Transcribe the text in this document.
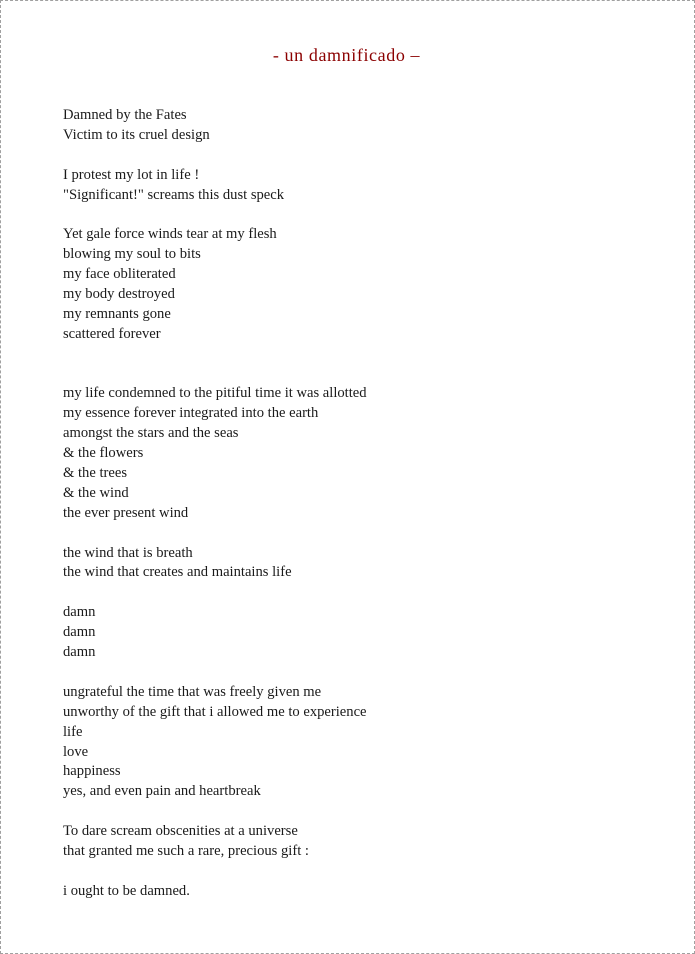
- un damnificado –
Damned by the Fates
Victim to its cruel design
I protest my lot in life !
"Significant!" screams this dust speck
Yet gale force winds tear at my flesh
blowing my soul to bits
my face obliterated
my body destroyed
my remnants gone
scattered forever
my life condemned to the pitiful time it was allotted
my essence forever integrated into the earth
amongst the stars and the seas
& the flowers
& the trees
& the wind
the ever present wind
the wind that is breath
the wind that creates and maintains life
damn
damn
damn
ungrateful the time that was freely given me
unworthy of the gift that i allowed me to experience
life
love
happiness
yes, and even pain and heartbreak
To dare scream obscenities at a universe
that granted me such a rare, precious gift :
i ought to be damned.
